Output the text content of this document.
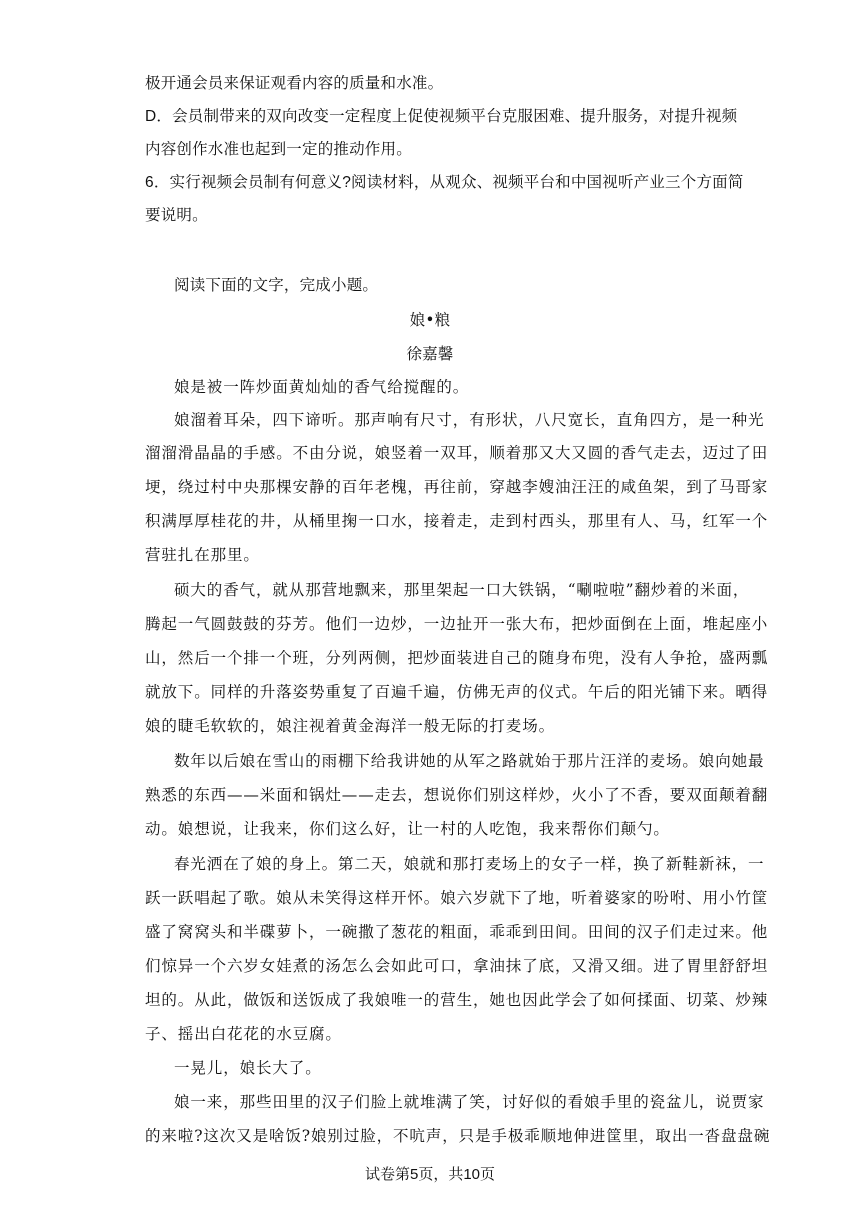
极开通会员来保证观看内容的质量和水准。
D．会员制带来的双向改变一定程度上促使视频平台克服困难、提升服务，对提升视频
内容创作水准也起到一定的推动作用。
6．实行视频会员制有何意义?阅读材料，从观众、视频平台和中国视听产业三个方面简
要说明。
阅读下面的文字，完成小题。
娘•粮
徐嘉馨
娘是被一阵炒面黄灿灿的香气给搅醒的。
娘溜着耳朵，四下谛听。那声响有尺寸，有形状，八尺宽长，直角四方，是一种光
溜溜滑晶晶的手感。不由分说，娘竖着一双耳，顺着那又大又圆的香气走去，迈过了田
埂，绕过村中央那棵安静的百年老槐，再往前，穿越李嫂油汪汪的咸鱼架，到了马哥家
积满厚厚桂花的井，从桶里掬一口水，接着走，走到村西头，那里有人、马，红军一个
营驻扎在那里。
硕大的香气，就从那营地飘来，那里架起一口大铁锅，“唰啦啦”翻炒着的米面，
腾起一气圆鼓鼓的芬芳。他们一边炒，一边扯开一张大布，把炒面倒在上面，堆起座小
山，然后一个排一个班，分列两侧，把炒面装进自己的随身布兜，没有人争抢，盛两瓢
就放下。同样的升落姿势重复了百遍千遍，仿佛无声的仪式。午后的阳光铺下来。晒得
娘的睫毛软软的，娘注视着黄金海洋一般无际的打麦场。
数年以后娘在雪山的雨棚下给我讲她的从军之路就始于那片汪洋的麦场。娘向她最
熟悉的东西——米面和锅灶——走去，想说你们别这样炒，火小了不香，要双面颠着翻
动。娘想说，让我来，你们这么好，让一村的人吃饱，我来帮你们颠勺。
春光洒在了娘的身上。第二天，娘就和那打麦场上的女子一样，换了新鞋新袜，一
跃一跃唱起了歌。娘从未笑得这样开怀。娘六岁就下了地，听着婆家的吩咐、用小竹筐
盛了窝窝头和半碟萝卜，一碗撒了葱花的粗面，乖乖到田间。田间的汉子们走过来。他
们惊异一个六岁女娃煮的汤怎么会如此可口，拿油抹了底，又滑又细。进了胃里舒舒坦
坦的。从此，做饭和送饭成了我娘唯一的营生，她也因此学会了如何揉面、切菜、炒辣
子、摇出白花花的水豆腐。
一晃儿，娘长大了。
娘一来，那些田里的汉子们脸上就堆满了笑，讨好似的看娘手里的瓷盆儿，说贾家
的来啦?这次又是啥饭?娘别过脸，不吭声，只是手极乖顺地伸进筐里，取出一沓盘盘碗
试卷第5页，共10页
